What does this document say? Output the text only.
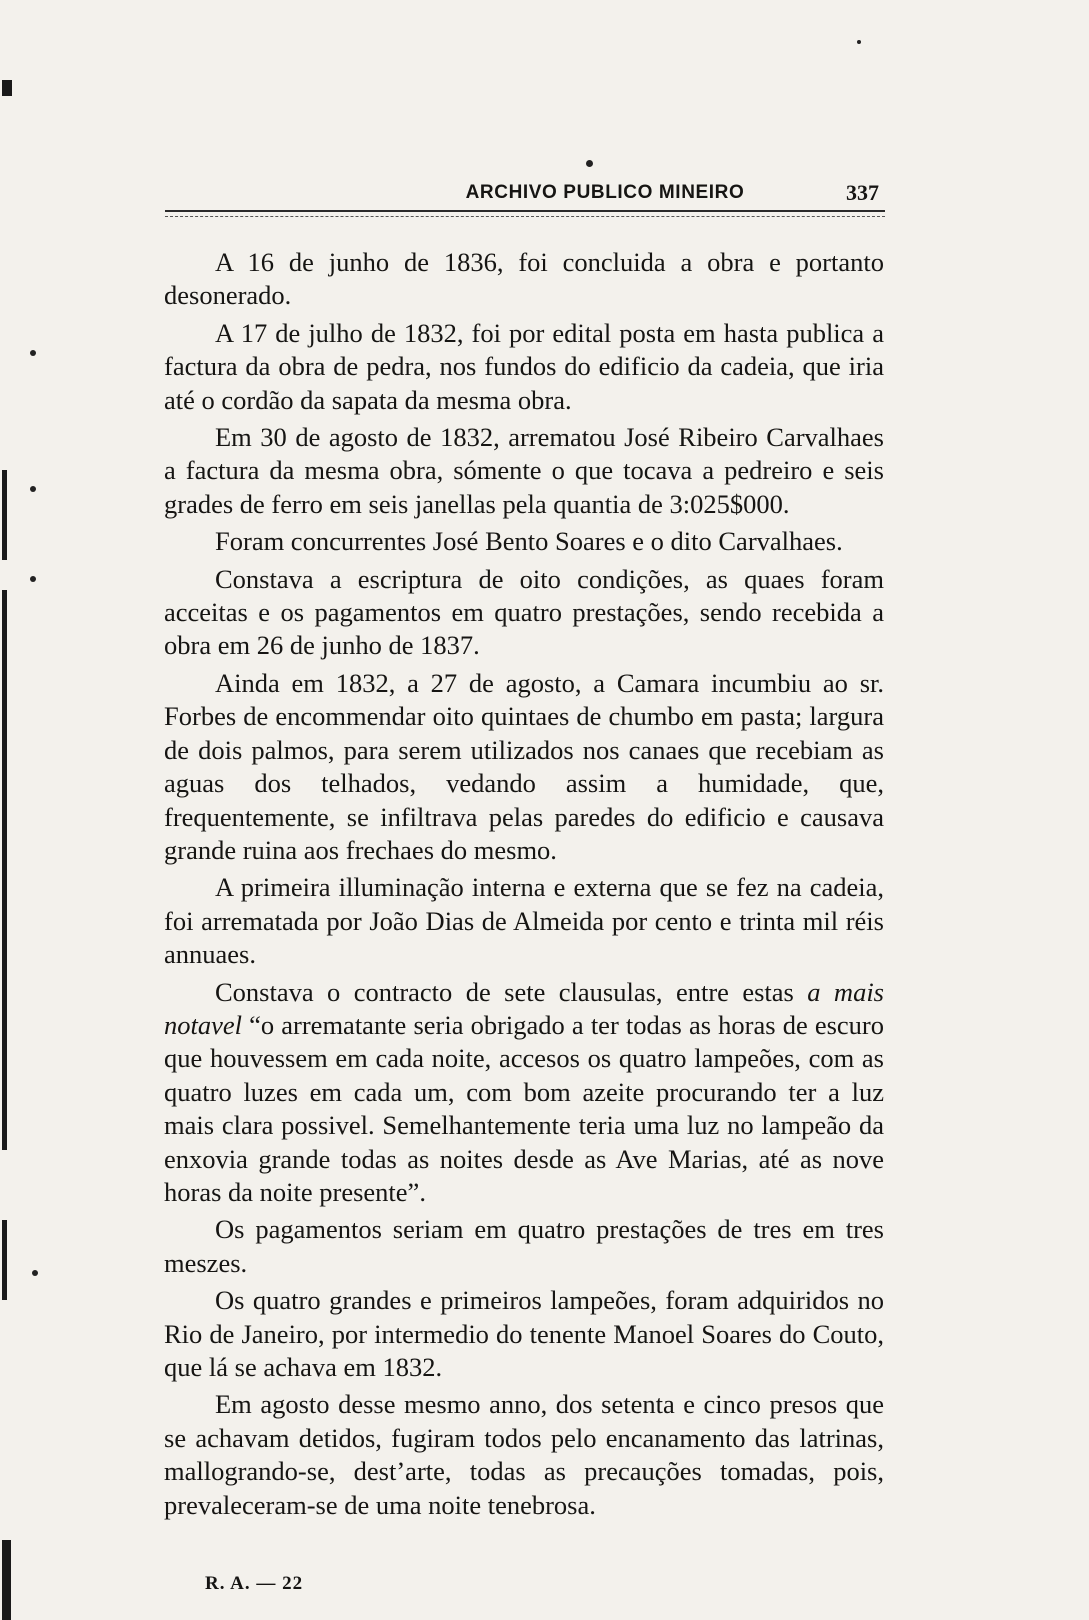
ARCHIVO PUBLICO MINEIRO	337

A 16 de junho de 1836, foi concluida a obra e portanto desonerado.

A 17 de julho de 1832, foi por edital posta em hasta publica a factura da obra de pedra, nos fundos do edificio da cadeia, que iria até o cordão da sapata da mesma obra.

Em 30 de agosto de 1832, arrematou José Ribeiro Carvalhaes a factura da mesma obra, sómente o que tocava a pedreiro e seis grades de ferro em seis janellas pela quantia de 3:025$000.

Foram concurrentes José Bento Soares e o dito Carvalhaes.

Constava a escriptura de oito condições, as quaes foram acceitas e os pagamentos em quatro prestações, sendo recebida a obra em 26 de junho de 1837.

Ainda em 1832, a 27 de agosto, a Camara incumbiu ao sr. Forbes de encommendar oito quintaes de chumbo em pasta; largura de dois palmos, para serem utilizados nos canaes que recebiam as aguas dos telhados, vedando assim a humidade, que, frequentemente, se infiltrava pelas paredes do edificio e causava grande ruina aos frechaes do mesmo.

A primeira illuminação interna e externa que se fez na cadeia, foi arrematada por João Dias de Almeida por cento e trinta mil réis annuaes.

Constava o contracto de sete clausulas, entre estas a mais notavel “o arrematante seria obrigado a ter todas as horas de escuro que houvessem em cada noite, accesos os quatro lampeões, com as quatro luzes em cada um, com bom azeite procurando ter a luz mais clara possivel. Semelhantemente teria uma luz no lampeão da enxovia grande todas as noites desde as Ave Marias, até as nove horas da noite presente”.

Os pagamentos seriam em quatro prestações de tres em tres meszes.

Os quatro grandes e primeiros lampeões, foram adquiridos no Rio de Janeiro, por intermedio do tenente Manoel Soares do Couto, que lá se achava em 1832.

Em agosto desse mesmo anno, dos setenta e cinco presos que se achavam detidos, fugiram todos pelo encanamento das latrinas, mallogrando-se, dest’arte, todas as precauções tomadas, pois, prevaleceram-se de uma noite tenebrosa.

R. A. — 22
